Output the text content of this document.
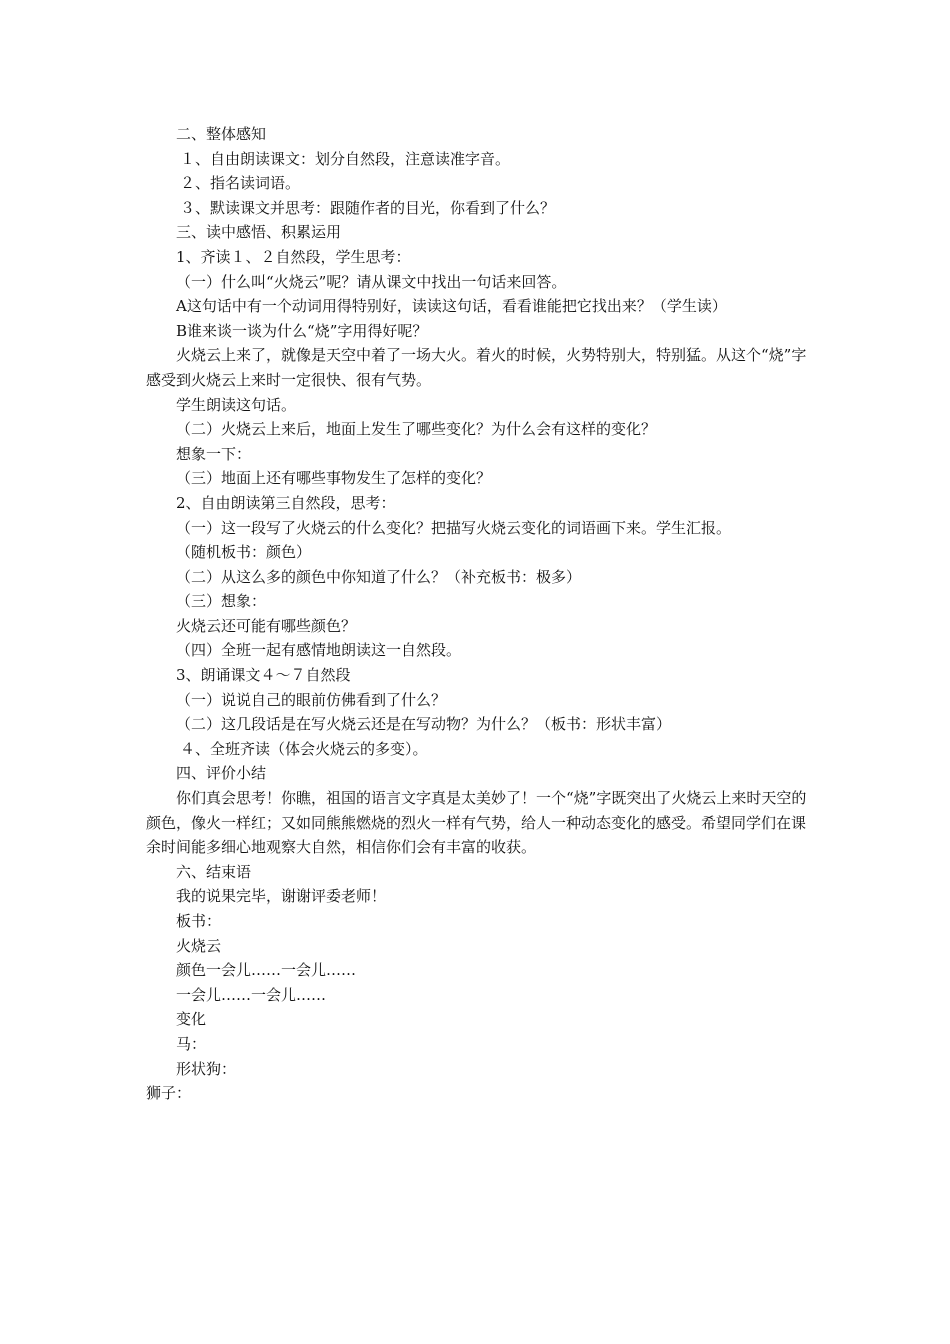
二、整体感知
１、自由朗读课文：划分自然段，注意读准字音。
２、指名读词语。
３、默读课文并思考：跟随作者的目光，你看到了什么？
三、读中感悟、积累运用
1、齐读１、２自然段，学生思考：
（一）什么叫“火烧云”呢？请从课文中找出一句话来回答。
A这句话中有一个动词用得特别好，读读这句话，看看谁能把它找出来？（学生读）
B谁来谈一谈为什么“烧”字用得好呢？
火烧云上来了，就像是天空中着了一场大火。着火的时候，火势特别大，特别猛。从这个“烧”字感受到火烧云上来时一定很快、很有气势。
学生朗读这句话。
（二）火烧云上来后，地面上发生了哪些变化？为什么会有这样的变化？
想象一下：
（三）地面上还有哪些事物发生了怎样的变化？
2、自由朗读第三自然段，思考：
（一）这一段写了火烧云的什么变化？把描写火烧云变化的词语画下来。学生汇报。
（随机板书：颜色）
（二）从这么多的颜色中你知道了什么？（补充板书：极多）
（三）想象：
火烧云还可能有哪些颜色？
（四）全班一起有感情地朗读这一自然段。
3、朗诵课文４～７自然段
（一）说说自己的眼前仿佛看到了什么？
（二）这几段话是在写火烧云还是在写动物？为什么？（板书：形状丰富）
４、全班齐读（体会火烧云的多变）。
四、评价小结
你们真会思考！你瞧，祖国的语言文字真是太美妙了！一个“烧”字既突出了火烧云上来时天空的颜色，像火一样红；又如同熊熊燃烧的烈火一样有气势，给人一种动态变化的感受。希望同学们在课余时间能多细心地观察大自然，相信你们会有丰富的收获。
六、结束语
我的说果完毕，谢谢评委老师！
板书：
火烧云
颜色一会儿……一会儿……
一会儿……一会儿……
变化
马：
形状狗：
狮子：
